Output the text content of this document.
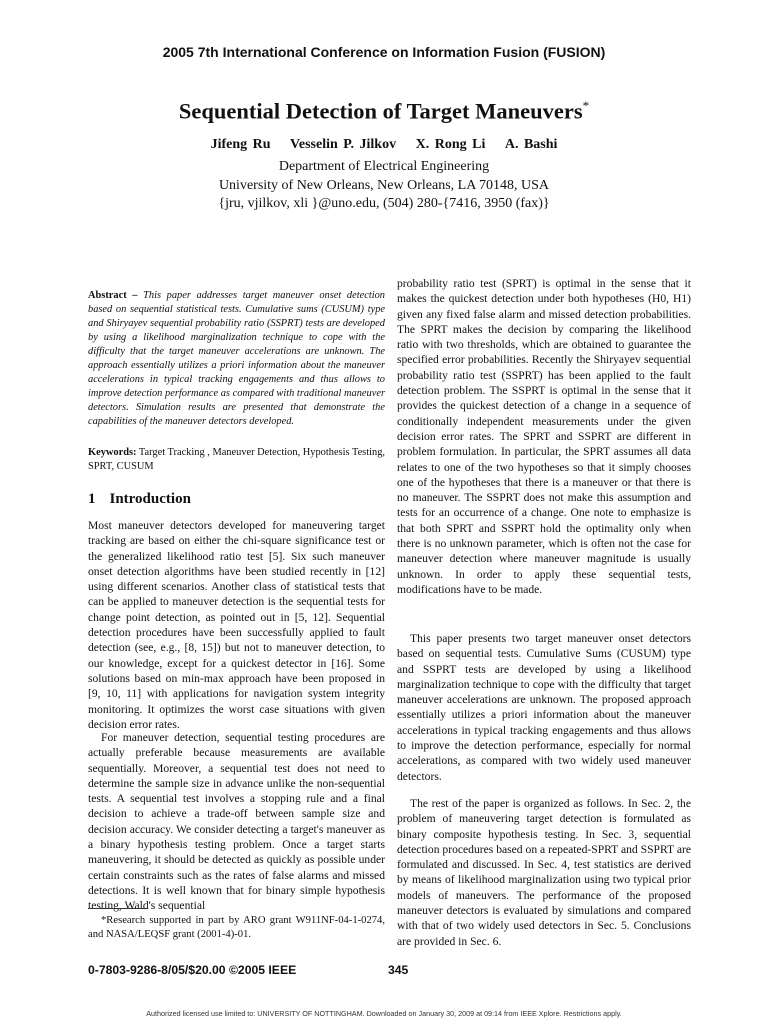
2005 7th International Conference on Information Fusion (FUSION)
Sequential Detection of Target Maneuvers*
Jifeng Ru Vesselin P. Jilkov X. Rong Li A. Bashi
Department of Electrical Engineering
University of New Orleans, New Orleans, LA 70148, USA
{jru, vjilkov, xli }@uno.edu, (504) 280-{7416, 3950 (fax)}
Abstract – This paper addresses target maneuver onset detection based on sequential statistical tests. Cumulative sums (CUSUM) type and Shiryayev sequential probability ratio (SSPRT) tests are developed by using a likelihood marginalization technique to cope with the difficulty that the target maneuver accelerations are unknown. The approach essentially utilizes a priori information about the maneuver accelerations in typical tracking engagements and thus allows to improve detection performance as compared with traditional maneuver detectors. Simulation results are presented that demonstrate the capabilities of the maneuver detectors developed.
Keywords: Target Tracking , Maneuver Detection, Hypothesis Testing, SPRT, CUSUM
1 Introduction

Most maneuver detectors developed for maneuvering target tracking are based on either the chi-square significance test or the generalized likelihood ratio test [5]. Six such maneuver onset detection algorithms have been studied recently in [12] using different scenarios. Another class of statistical tests that can be applied to maneuver detection is the sequential tests for change point detection, as pointed out in [5, 12]. Sequential detection procedures have been successfully applied to fault detection (see, e.g., [8, 15]) but not to maneuver detection, to our knowledge, except for a quickest detector in [16]. Some solutions based on min-max approach have been proposed in [9, 10, 11] with applications for navigation system integrity monitoring. It optimizes the worst case situations with given decision error rates.

For maneuver detection, sequential testing procedures are actually preferable because measurements are available sequentially. Moreover, a sequential test does not need to determine the sample size in advance unlike the non-sequential tests. A sequential test involves a stopping rule and a final decision to achieve a trade-off between sample size and decision accuracy. We consider detecting a target's maneuver as a binary hypothesis testing problem. Once a target starts maneuvering, it should be detected as quickly as possible under certain constraints such as the rates of false alarms and missed detections. It is well known that for binary simple hypothesis testing, Wald's sequential

*Research supported in part by ARO grant W911NF-04-1-0274, and NASA/LEQSF grant (2001-4)-01.

probability ratio test (SPRT) is optimal in the sense that it makes the quickest detection under both hypotheses (H0, H1) given any fixed false alarm and missed detection probabilities. The SPRT makes the decision by comparing the likelihood ratio with two thresholds, which are obtained to guarantee the specified error probabilities. Recently the Shiryayev sequential probability ratio test (SSPRT) has been applied to the fault detection problem. The SSPRT is optimal in the sense that it provides the quickest detection of a change in a sequence of conditionally independent measurements under the given decision error rates. The SPRT and SSPRT are different in problem formulation. In particular, the SPRT assumes all data relates to one of the two hypotheses so that it simply chooses one of the hypotheses that there is a maneuver or that there is no maneuver. The SSPRT does not make this assumption and tests for an occurrence of a change. One note to emphasize is that both SPRT and SSPRT hold the optimality only when there is no unknown parameter, which is often not the case for maneuver detection where maneuver magnitude is usually unknown. In order to apply these sequential tests, modifications have to be made.

This paper presents two target maneuver onset detectors based on sequential tests. Cumulative Sums (CUSUM) type and SSPRT tests are developed by using a likelihood marginalization technique to cope with the difficulty that target maneuver accelerations are unknown. The proposed approach essentially utilizes a priori information about the maneuver accelerations in typical tracking engagements and thus allows to improve the detection performance, especially for normal accelerations, as compared with two widely used maneuver detectors.

The rest of the paper is organized as follows. In Sec. 2, the problem of maneuvering target detection is formulated as binary composite hypothesis testing. In Sec. 3, sequential detection procedures based on a repeated-SPRT and SSPRT are formulated and discussed. In Sec. 4, test statistics are derived by means of likelihood marginalization using two typical prior models of maneuvers. The performance of the proposed maneuver detectors is evaluated by simulations and compared with that of two widely used detectors in Sec. 5. Conclusions are provided in Sec. 6.

0-7803-9286-8/05/$20.00 ©2005 IEEE	345
Authorized licensed use limited to: UNIVERSITY OF NOTTINGHAM. Downloaded on January 30, 2009 at 09:14 from IEEE Xplore. Restrictions apply.
